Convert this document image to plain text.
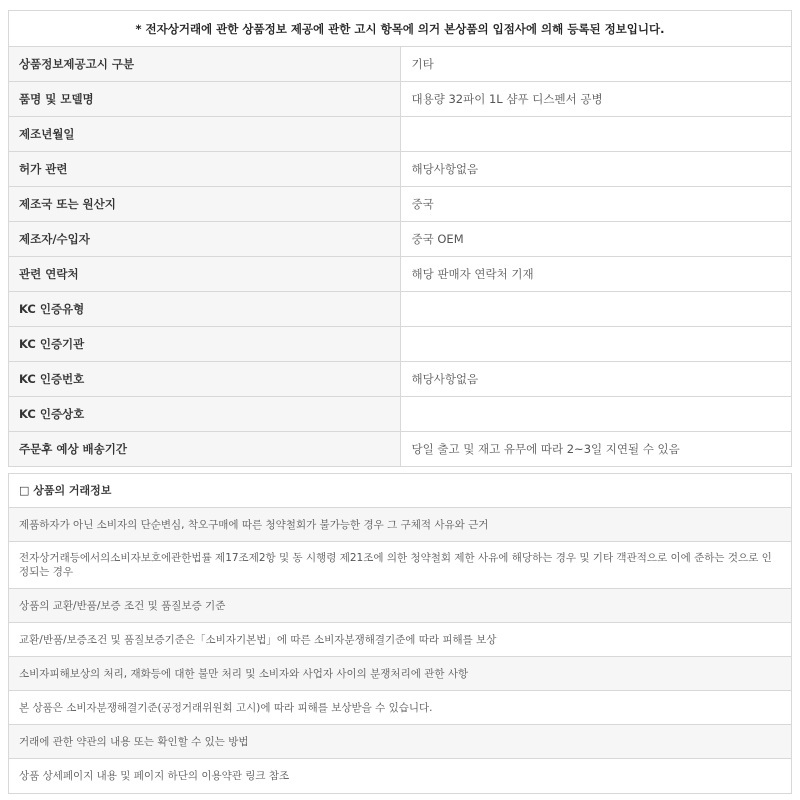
* 전자상거래에 관한 상품정보 제공에 관한 고시 항목에 의거 본상품의 입점사에 의해 등록된 정보입니다.	
상품정보제공고시 구분	기타
품명 및 모델명	대용량 32파이 1L 샴푸 디스펜서 공병
제조년월일	
허가 관련	해당사항없음
제조국 또는 원산지	중국
제조자/수입자	중국 OEM
관련 연락처	해당 판매자 연락처 기재
KC 인증유형	
KC 인증기관	
KC 인증번호	해당사항없음
KC 인증상호	
주문후 예상 배송기간	당일 출고 및 재고 유무에 따라 2~3일 지연될 수 있음
□ 상품의 거래정보
제품하자가 아닌 소비자의 단순변심, 착오구매에 따른 청약철회가 불가능한 경우 그 구체적 사유와 근거
전자상거래등에서의소비자보호에관한법률 제17조제2항 및 동 시행령 제21조에 의한 청약철회 제한 사유에 해당하는 경우 및 기타 객관적으로 이에 준하는 것으로 인정되는 경우
상품의 교환/반품/보증 조건 및 품질보증 기준
교환/반품/보증조건 및 품질보증기준은「소비자기본법」에 따른 소비자분쟁해결기준에 따라 피해를 보상
소비자피해보상의 처리, 재화등에 대한 불만 처리 및 소비자와 사업자 사이의 분쟁처리에 관한 사항
본 상품은 소비자분쟁해결기준(공정거래위원회 고시)에 따라 피해를 보상받을 수 있습니다.
거래에 관한 약관의 내용 또는 확인할 수 있는 방법
상품 상세페이지 내용 및 페이지 하단의 이용약관 링크 참조
